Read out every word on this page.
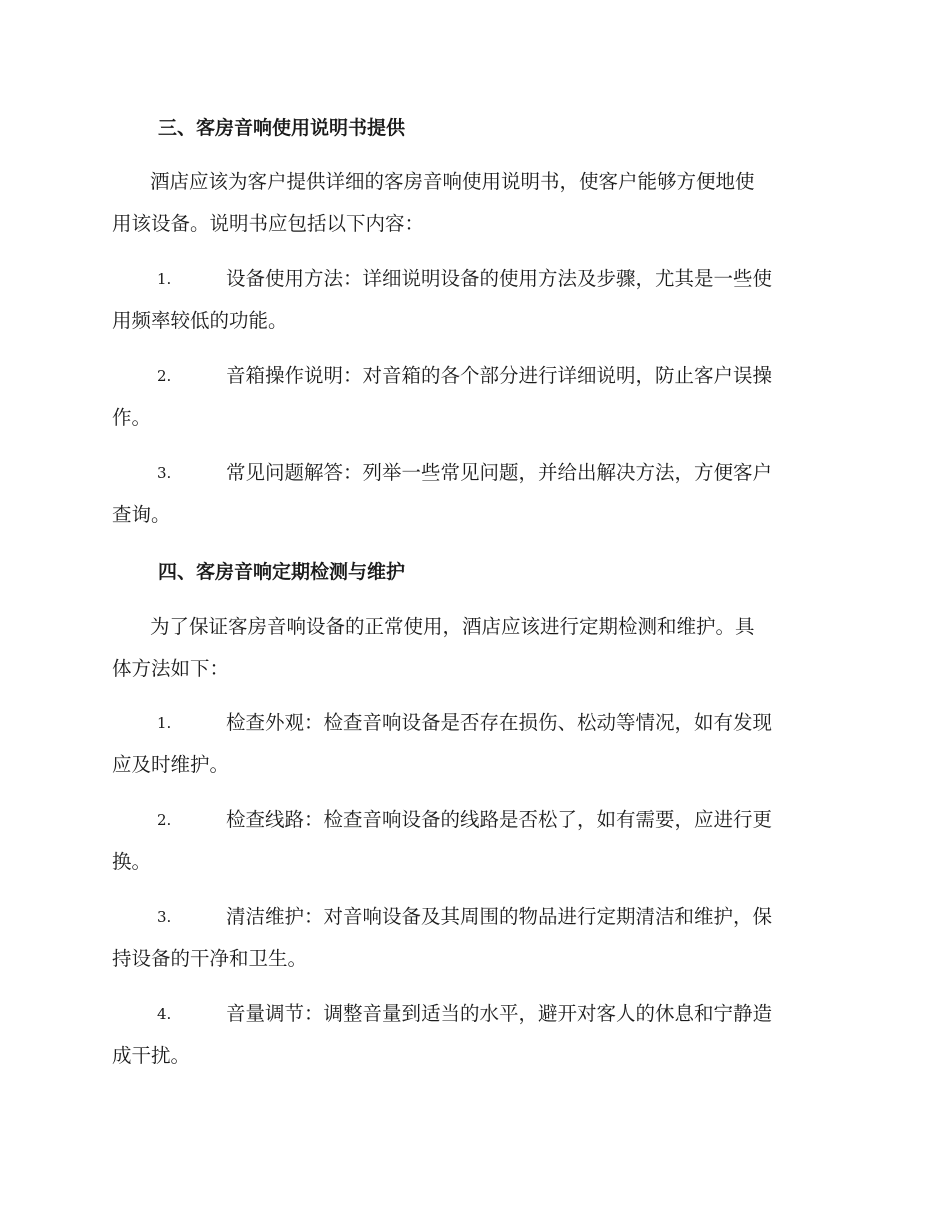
三、客房音响使用说明书提供
酒店应该为客户提供详细的客房音响使用说明书，使客户能够方便地使
用该设备。说明书应包括以下内容：
1.	设备使用方法：详细说明设备的使用方法及步骤，尤其是一些使
用频率较低的功能。
2.	音箱操作说明：对音箱的各个部分进行详细说明，防止客户误操
作。
3.	常见问题解答：列举一些常见问题，并给出解决方法，方便客户
查询。
四、客房音响定期检测与维护
为了保证客房音响设备的正常使用，酒店应该进行定期检测和维护。具
体方法如下：
1.	检查外观：检查音响设备是否存在损伤、松动等情况，如有发现
应及时维护。
2.	检查线路：检查音响设备的线路是否松了，如有需要，应进行更
换。
3.	清洁维护：对音响设备及其周围的物品进行定期清洁和维护，保
持设备的干净和卫生。
4.	音量调节：调整音量到适当的水平，避开对客人的休息和宁静造
成干扰。
